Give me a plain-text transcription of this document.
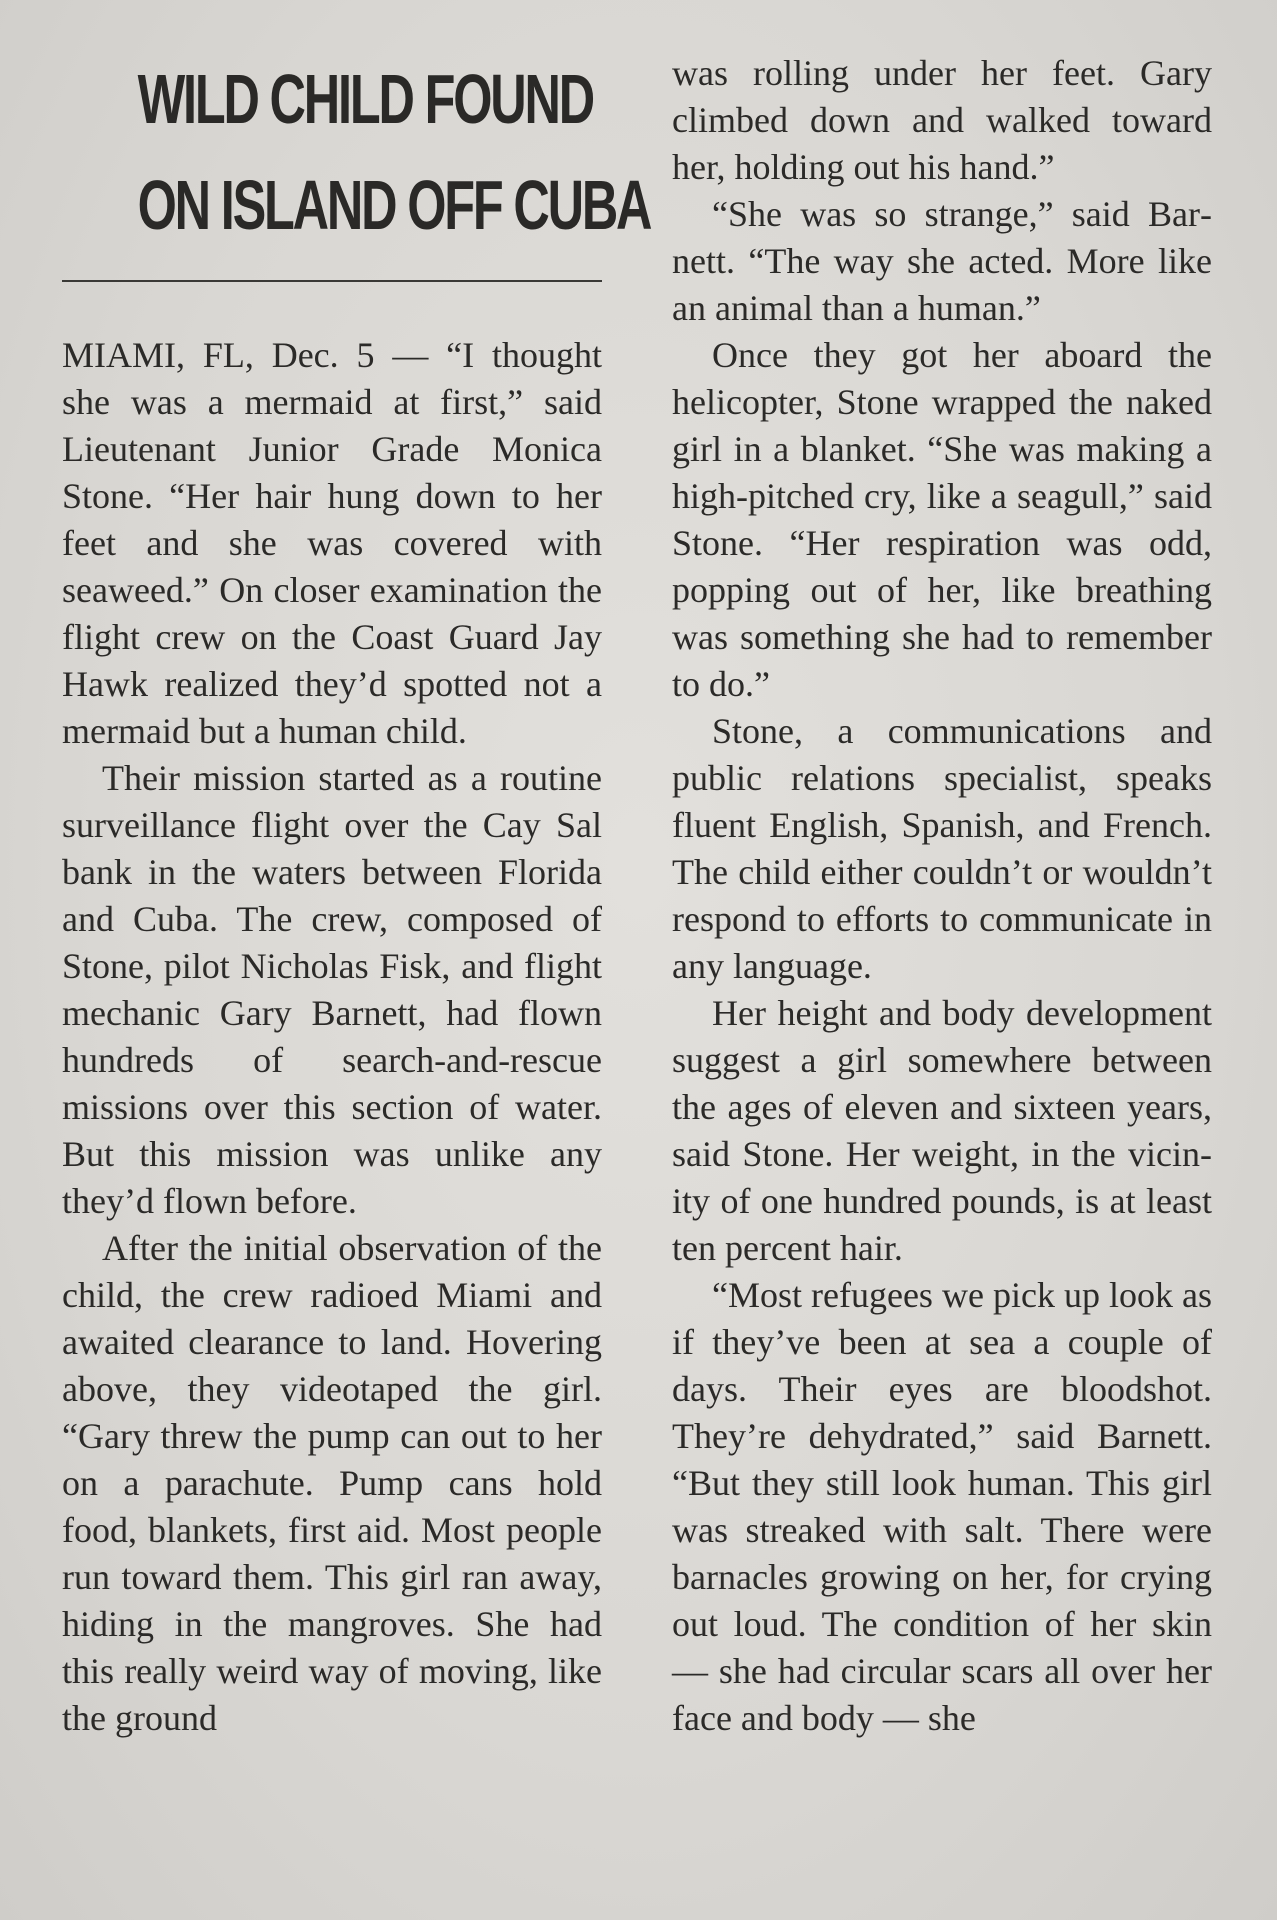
WILD CHILD FOUND
ON ISLAND OFF CUBA

MIAMI, FL, Dec. 5 — “I thought she was a mermaid at first,” said Lieutenant Junior Grade Monica Stone. “Her hair hung down to her feet and she was covered with seaweed.” On closer examination the flight crew on the Coast Guard Jay Hawk realized they’d spotted not a mermaid but a human child.

Their mission started as a routine surveillance flight over the Cay Sal bank in the waters between Florida and Cuba. The crew, composed of Stone, pilot Nicholas Fisk, and flight mechanic Gary Barnett, had flown hundreds of search-and-rescue missions over this section of water. But this mission was unlike any they’d flown before.

After the initial observation of the child, the crew radioed Miami and awaited clearance to land. Hovering above, they videotaped the girl. “Gary threw the pump can out to her on a parachute. Pump cans hold food, blankets, first aid. Most people run toward them. This girl ran away, hiding in the mangroves. She had this really weird way of moving, like the ground

was rolling under her feet. Gary climbed down and walked toward her, holding out his hand.”

“She was so strange,” said Barnett. “The way she acted. More like an animal than a human.”

Once they got her aboard the helicopter, Stone wrapped the naked girl in a blanket. “She was making a high-pitched cry, like a seagull,” said Stone. “Her respiration was odd, popping out of her, like breathing was something she had to remember to do.”

Stone, a communications and public relations specialist, speaks fluent English, Spanish, and French. The child either couldn’t or wouldn’t respond to efforts to communicate in any language.

Her height and body development suggest a girl somewhere between the ages of eleven and sixteen years, said Stone. Her weight, in the vicinity of one hundred pounds, is at least ten percent hair.

“Most refugees we pick up look as if they’ve been at sea a couple of days. Their eyes are bloodshot. They’re dehydrated,” said Barnett. “But they still look human. This girl was streaked with salt. There were barnacles growing on her, for crying out loud. The condition of her skin — she had circular scars all over her face and body — she
